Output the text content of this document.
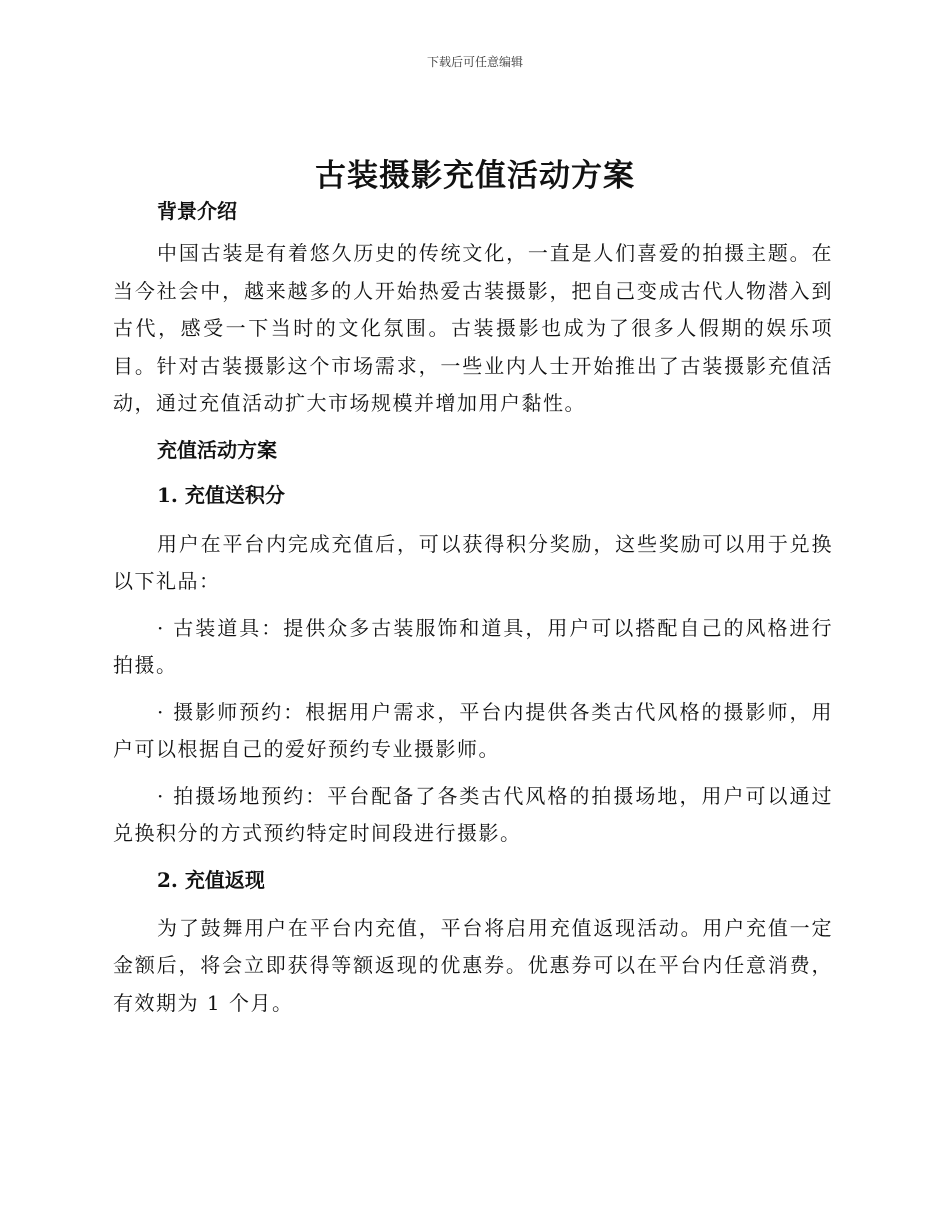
下载后可任意编辑
古装摄影充值活动方案

背景介绍

中国古装是有着悠久历史的传统文化，一直是人们喜爱的拍摄主题。在当今社会中，越来越多的人开始热爱古装摄影，把自己变成古代人物潜入到古代，感受一下当时的文化氛围。古装摄影也成为了很多人假期的娱乐项目。针对古装摄影这个市场需求，一些业内人士开始推出了古装摄影充值活动，通过充值活动扩大市场规模并增加用户黏性。

充值活动方案

1. 充值送积分

用户在平台内完成充值后，可以获得积分奖励，这些奖励可以用于兑换以下礼品：

· 古装道具：提供众多古装服饰和道具，用户可以搭配自己的风格进行拍摄。

· 摄影师预约：根据用户需求，平台内提供各类古代风格的摄影师，用户可以根据自己的爱好预约专业摄影师。

· 拍摄场地预约：平台配备了各类古代风格的拍摄场地，用户可以通过兑换积分的方式预约特定时间段进行摄影。

2. 充值返现

为了鼓舞用户在平台内充值，平台将启用充值返现活动。用户充值一定金额后，将会立即获得等额返现的优惠券。优惠券可以在平台内任意消费，有效期为 1 个月。
